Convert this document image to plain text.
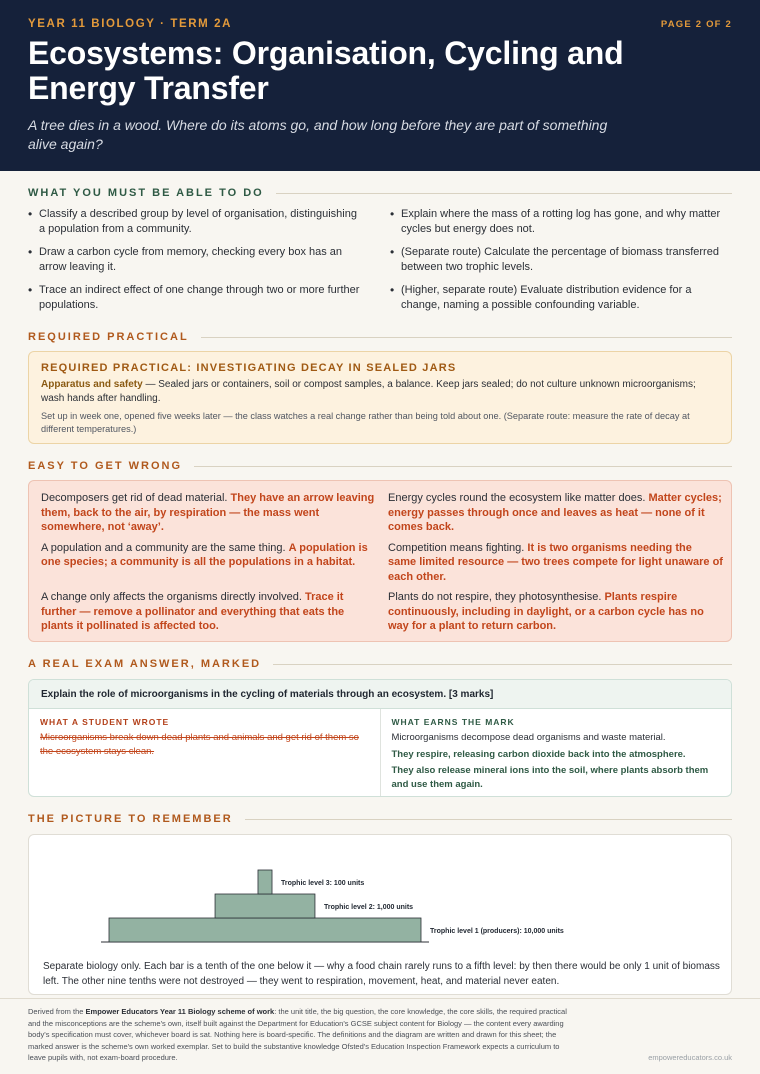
YEAR 11 BIOLOGY · TERM 2A	PAGE 2 OF 2
Ecosystems: Organisation, Cycling and Energy Transfer

A tree dies in a wood. Where do its atoms go, and how long before they are part of something alive again?

WHAT YOU MUST BE ABLE TO DO
• Classify a described group by level of organisation, distinguishing a population from a community.
• Explain where the mass of a rotting log has gone, and why matter cycles but energy does not.
• Draw a carbon cycle from memory, checking every box has an arrow leaving it.
• (Separate route) Calculate the percentage of biomass transferred between two trophic levels.
• Trace an indirect effect of one change through two or more further populations.
• (Higher, separate route) Evaluate distribution evidence for a change, naming a possible confounding variable.
REQUIRED PRACTICAL
REQUIRED PRACTICAL: INVESTIGATING DECAY IN SEALED JARS
Apparatus and safety — Sealed jars or containers, soil or compost samples, a balance. Keep jars sealed; do not culture unknown microorganisms; wash hands after handling.
Set up in week one, opened five weeks later — the class watches a real change rather than being told about one. (Separate route: measure the rate of decay at different temperatures.)
EASY TO GET WRONG
Decomposers get rid of dead material. They have an arrow leaving them, back to the air, by respiration — the mass went somewhere, not ‘away’.
Energy cycles round the ecosystem like matter does. Matter cycles; energy passes through once and leaves as heat — none of it comes back.
A population and a community are the same thing. A population is one species; a community is all the populations in a habitat.
Competition means fighting. It is two organisms needing the same limited resource — two trees compete for light unaware of each other.
A change only affects the organisms directly involved. Trace it further — remove a pollinator and everything that eats the plants it pollinated is affected too.
Plants do not respire, they photosynthesise. Plants respire continuously, including in daylight, or a carbon cycle has no way for a plant to return carbon.
A REAL EXAM ANSWER, MARKED
Explain the role of microorganisms in the cycling of materials through an ecosystem. [3 marks]
WHAT A STUDENT WROTE
Microorganisms break down dead plants and animals and get rid of them so the ecosystem stays clean.
WHAT EARNS THE MARK
Microorganisms decompose dead organisms and waste material.
They respire, releasing carbon dioxide back into the atmosphere.
They also release mineral ions into the soil, where plants absorb them and use them again.
THE PICTURE TO REMEMBER
Trophic level 1 (producers): 10,000 units
Trophic level 2: 1,000 units
Trophic level 3: 100 units
Separate biology only. Each bar is a tenth of the one below it — why a food chain rarely runs to a fifth level: by then there would be only 1 unit of biomass left. The other nine tenths were not destroyed — they went to respiration, movement, heat, and material never eaten.
Derived from the Empower Educators Year 11 Biology scheme of work: the unit title, the big question, the core knowledge, the core skills, the required practical and the misconceptions are the scheme's own, itself built against the Department for Education's GCSE subject content for Biology — the content every awarding body's specification must cover, whichever board is sat. Nothing here is board-specific. The definitions and the diagram are written and drawn for this sheet; the marked answer is the scheme's own worked exemplar. Set to build the substantive knowledge Ofsted's Education Inspection Framework expects a curriculum to leave pupils with, not exam-board procedure.	empowereducators.co.uk
